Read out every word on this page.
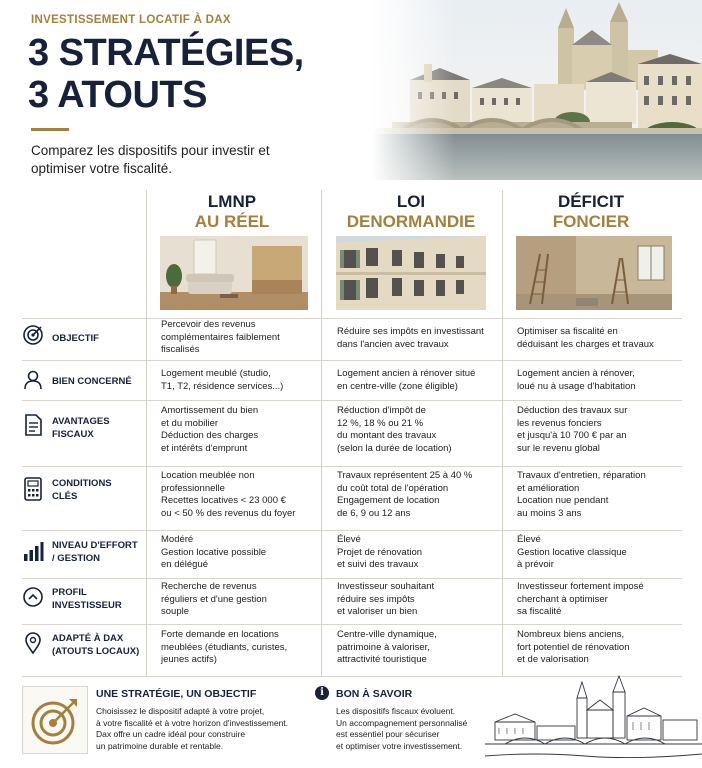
INVESTISSEMENT LOCATIF À DAX
3 STRATÉGIES,
3 ATOUTS
Comparez les dispositifs pour investir et optimiser votre fiscalité.
LMNP
AU RÉEL
LOI
DENORMANDIE
DÉFICIT
FONCIER
OBJECTIF
BIEN CONCERNÉ
AVANTAGES
FISCAUX
CONDITIONS
CLÉS
NIVEAU D'EFFORT
/ GESTION
PROFIL
INVESTISSEUR
ADAPTÉ À DAX
(ATOUTS LOCAUX)
Percevoir des revenus
complémentaires faiblement
fiscalisés
Réduire ses impôts en investissant
dans l'ancien avec travaux
Optimiser sa fiscalité en
déduisant les charges et travaux
Logement meublé (studio,
T1, T2, résidence services...)
Logement ancien à rénover situé
en centre-ville (zone éligible)
Logement ancien à rénover,
loué nu à usage d'habitation
Amortissement du bien
et du mobilier
Déduction des charges
et intérêts d'emprunt
Réduction d'impôt de
12 %, 18 % ou 21 %
du montant des travaux
(selon la durée de location)
Déduction des travaux sur
les revenus fonciers
et jusqu'à 10 700 € par an
sur le revenu global
Location meublée non
professionnelle
Recettes locatives < 23 000 €
ou < 50 % des revenus du foyer
Travaux représentent 25 à 40 %
du coût total de l'opération
Engagement de location
de 6, 9 ou 12 ans
Travaux d'entretien, réparation
et amélioration
Location nue pendant
au moins 3 ans
Modéré
Gestion locative possible
en délégué
Élevé
Projet de rénovation
et suivi des travaux
Élevé
Gestion locative classique
à prévoir
Recherche de revenus
réguliers et d'une gestion
souple
Investisseur souhaitant
réduire ses impôts
et valoriser un bien
Investisseur fortement imposé
cherchant à optimiser
sa fiscalité
Forte demande en locations
meublées (étudiants, curistes,
jeunes actifs)
Centre-ville dynamique,
patrimoine à valoriser,
attractivité touristique
Nombreux biens anciens,
fort potentiel de rénovation
et de valorisation
UNE STRATÉGIE, UN OBJECTIF
Choisissez le dispositif adapté à votre projet,
à votre fiscalité et à votre horizon d'investissement.
Dax offre un cadre idéal pour construire
un patrimoine durable et rentable.
i	BON À SAVOIR
Les dispositifs fiscaux évoluent.
Un accompagnement personnalisé
est essentiel pour sécuriser
et optimiser votre investissement.
